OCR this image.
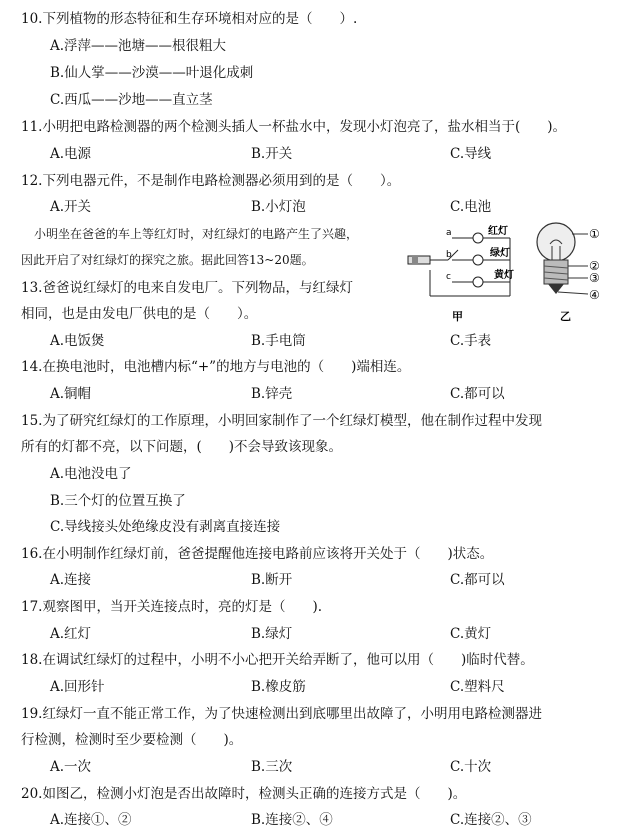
10.下列植物的形态特征和生存环境相对应的是（　　）.
A.浮萍——池塘——根很粗大
B.仙人掌——沙漠——叶退化成刺
C.西瓜——沙地——直立茎
11.小明把电路检测器的两个检测头插人一杯盐水中，发现小灯泡亮了，盐水相当于(　　)。
A.电源	B.开关	C.导线
12.下列电器元件，不是制作电路检测器必须用到的是（　　）。
A.开关	B.小灯泡	C.电池
小明坐在爸爸的车上等红灯时，对红绿灯的电路产生了兴趣，
因此开启了对红绿灯的探究之旅。据此回答13~20题。
a
b
c
红灯
绿灯
黄灯
甲
①
②
③
④
乙
13.爸爸说红绿灯的电来自发电厂。下列物品，与红绿灯
相同，也是由发电厂供电的是（　　）。
A.电饭煲	B.手电筒	C.手表
14.在换电池时，电池槽内标“+”的地方与电池的（　　)端相连。
A.铜帽	B.锌壳	C.都可以
15.为了研究红绿灯的工作原理，小明回家制作了一个红绿灯模型，他在制作过程中发现
所有的灯都不亮，以下问题，(　　)不会导致该现象。
A.电池没电了
B.三个灯的位置互换了
C.导线接头处绝缘皮没有剥离直接连接
16.在小明制作红绿灯前，爸爸提醒他连接电路前应该将开关处于（　　)状态。
A.连接	B.断开	C.都可以
17.观察图甲，当开关连接点时，亮的灯是（　　).
A.红灯	B.绿灯	C.黄灯
18.在调试红绿灯的过程中，小明不小心把开关给弄断了，他可以用（　　)临时代替。
A.回形针	B.橡皮筋	C.塑料尺
19.红绿灯一直不能正常工作，为了快速检测出到底哪里出故障了，小明用电路检测器进
行检测，检测时至少要检测（　　)。
A.一次	B.三次	C.十次
20.如图乙，检测小灯泡是否出故障时，检测头正确的连接方式是（　　)。
A.连接①、②	B.连接②、④	C.连接②、③
